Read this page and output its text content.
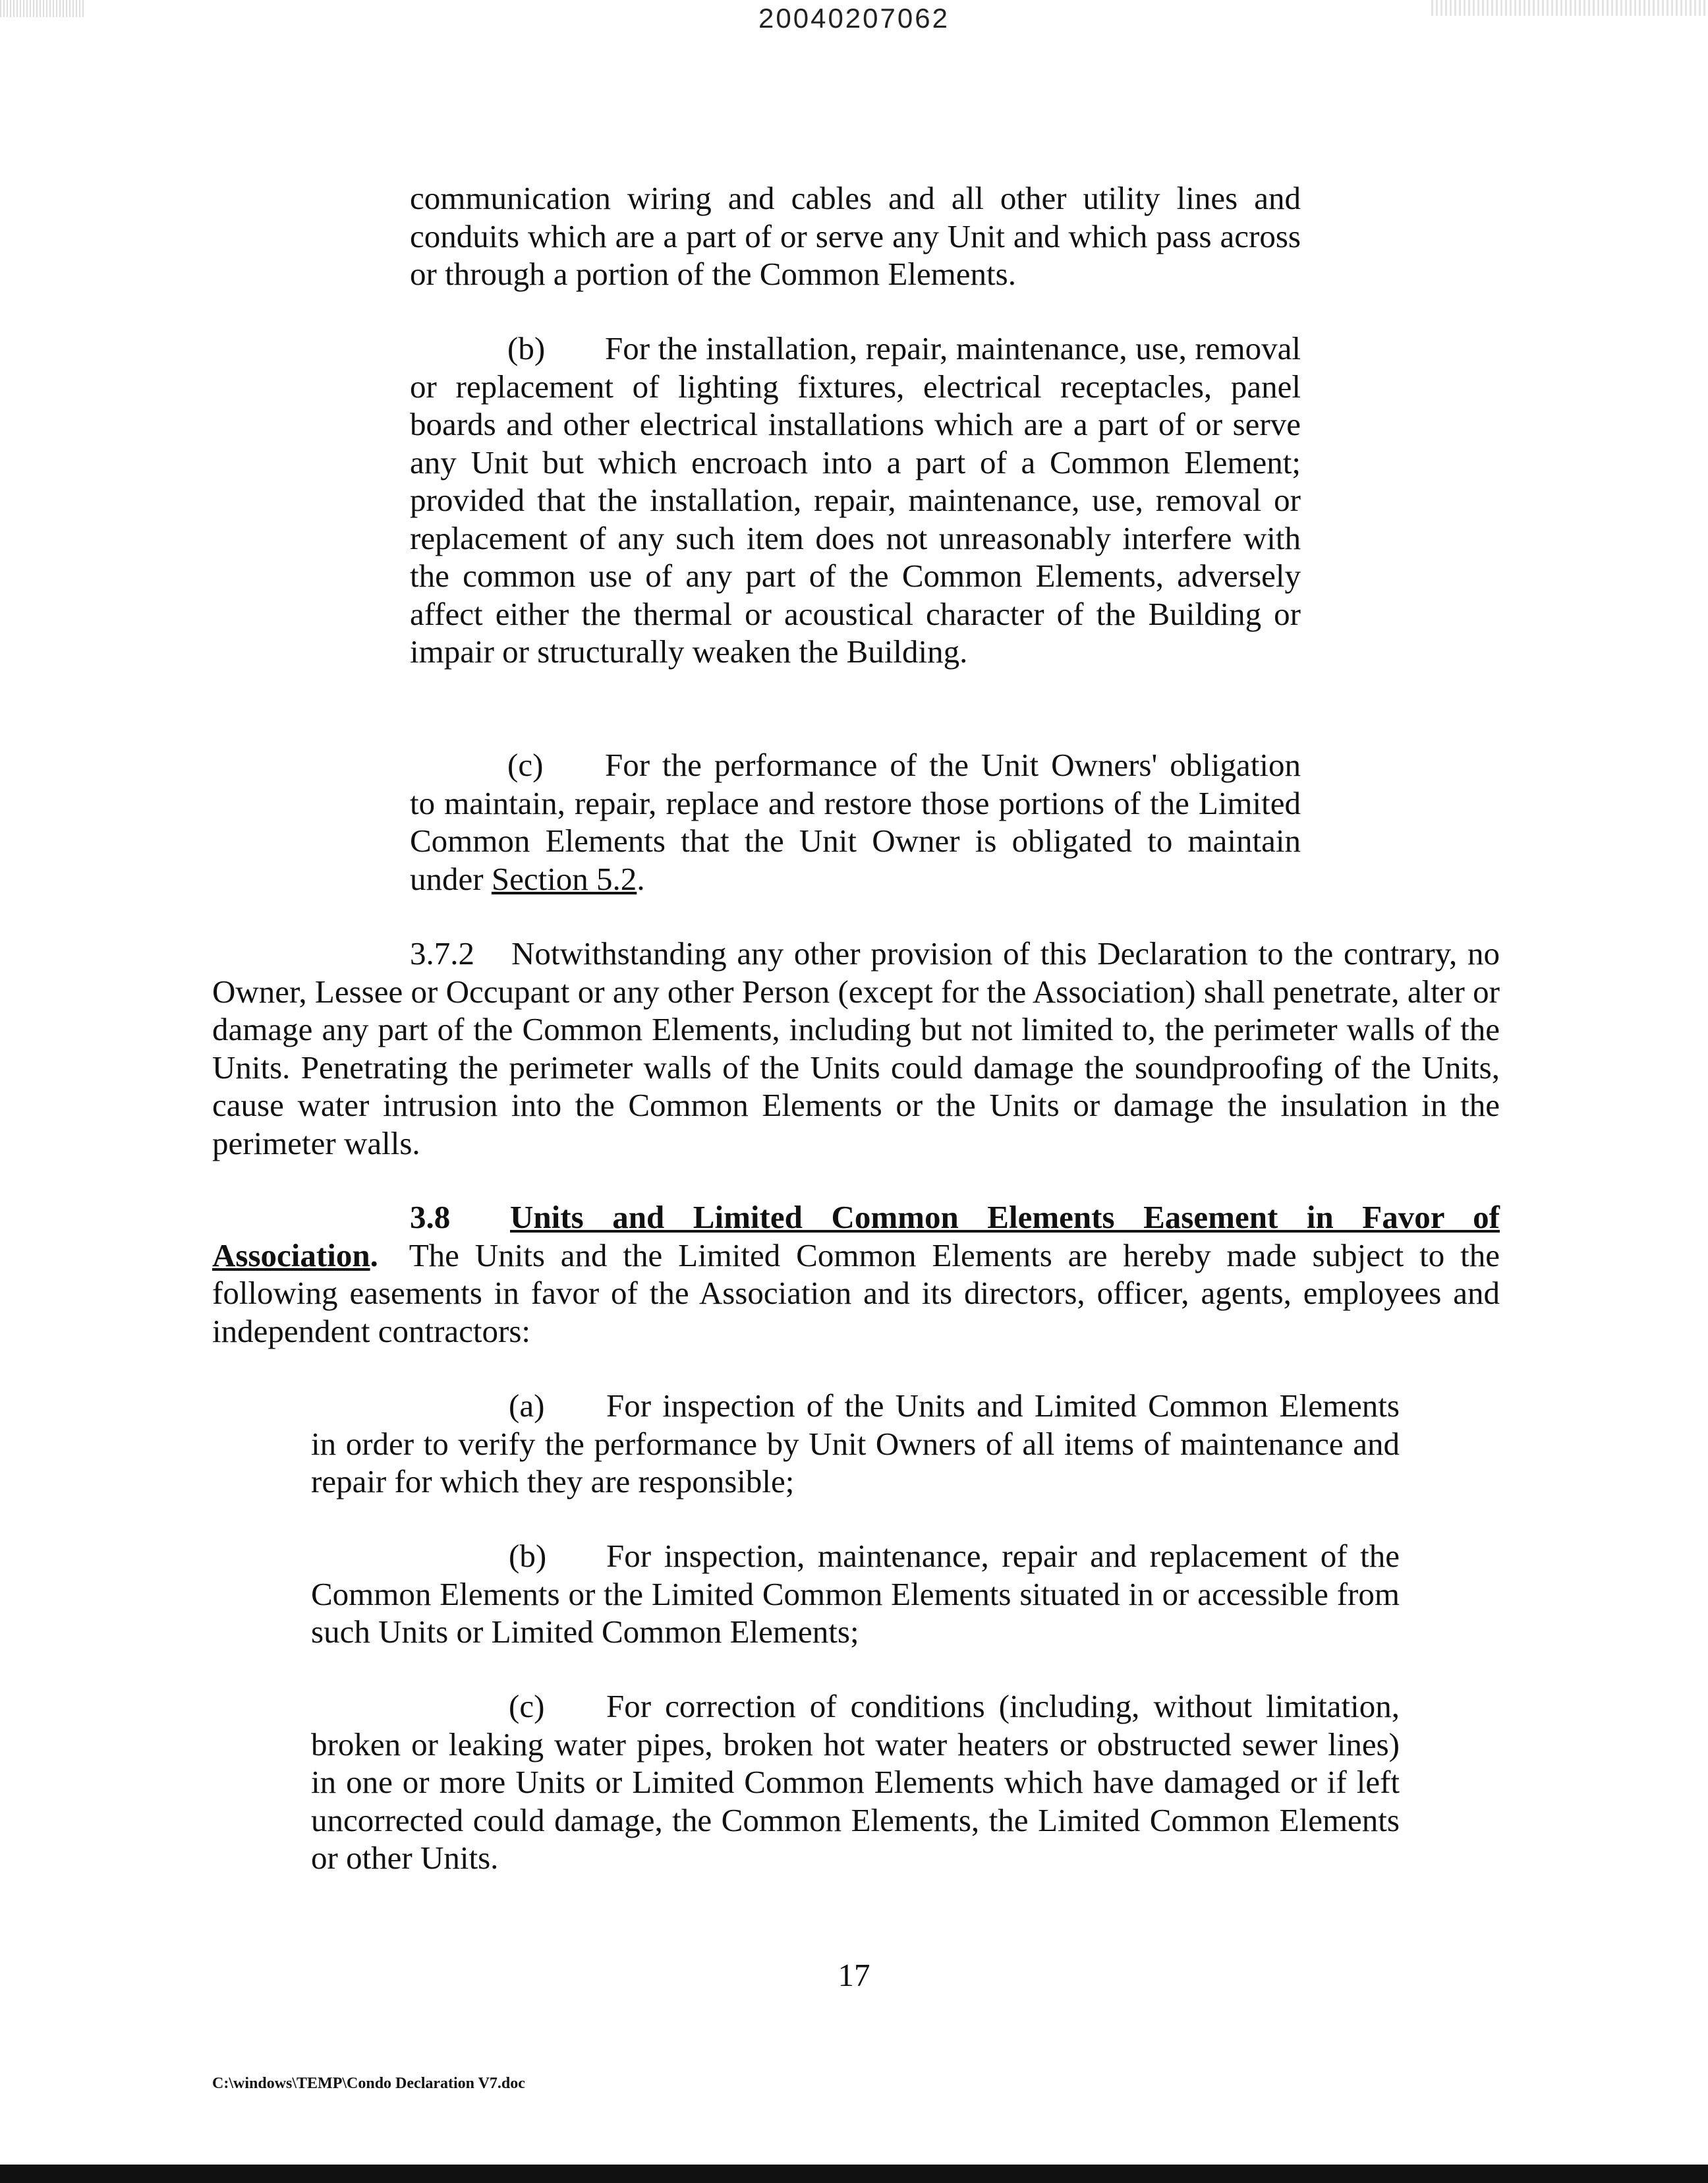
20040207062

communication wiring and cables and all other utility lines and conduits which are a part of or serve any Unit and which pass across or through a portion of the Common Elements.

(b) For the installation, repair, maintenance, use, removal or replacement of lighting fixtures, electrical receptacles, panel boards and other electrical installations which are a part of or serve any Unit but which encroach into a part of a Common Element; provided that the installation, repair, maintenance, use, removal or replacement of any such item does not unreasonably interfere with the common use of any part of the Common Elements, adversely affect either the thermal or acoustical character of the Building or impair or structurally weaken the Building.

(c) For the performance of the Unit Owners' obligation to maintain, repair, replace and restore those portions of the Limited Common Elements that the Unit Owner is obligated to maintain under Section 5.2.

3.7.2 Notwithstanding any other provision of this Declaration to the contrary, no Owner, Lessee or Occupant or any other Person (except for the Association) shall penetrate, alter or damage any part of the Common Elements, including but not limited to, the perimeter walls of the Units. Penetrating the perimeter walls of the Units could damage the soundproofing of the Units, cause water intrusion into the Common Elements or the Units or damage the insulation in the perimeter walls.

3.8 Units and Limited Common Elements Easement in Favor of Association. The Units and the Limited Common Elements are hereby made subject to the following easements in favor of the Association and its directors, officer, agents, employees and independent contractors:

(a) For inspection of the Units and Limited Common Elements in order to verify the performance by Unit Owners of all items of maintenance and repair for which they are responsible;

(b) For inspection, maintenance, repair and replacement of the Common Elements or the Limited Common Elements situated in or accessible from such Units or Limited Common Elements;

(c) For correction of conditions (including, without limitation, broken or leaking water pipes, broken hot water heaters or obstructed sewer lines) in one or more Units or Limited Common Elements which have damaged or if left uncorrected could damage, the Common Elements, the Limited Common Elements or other Units.

17
C:\windows\TEMP\Condo Declaration V7.doc
